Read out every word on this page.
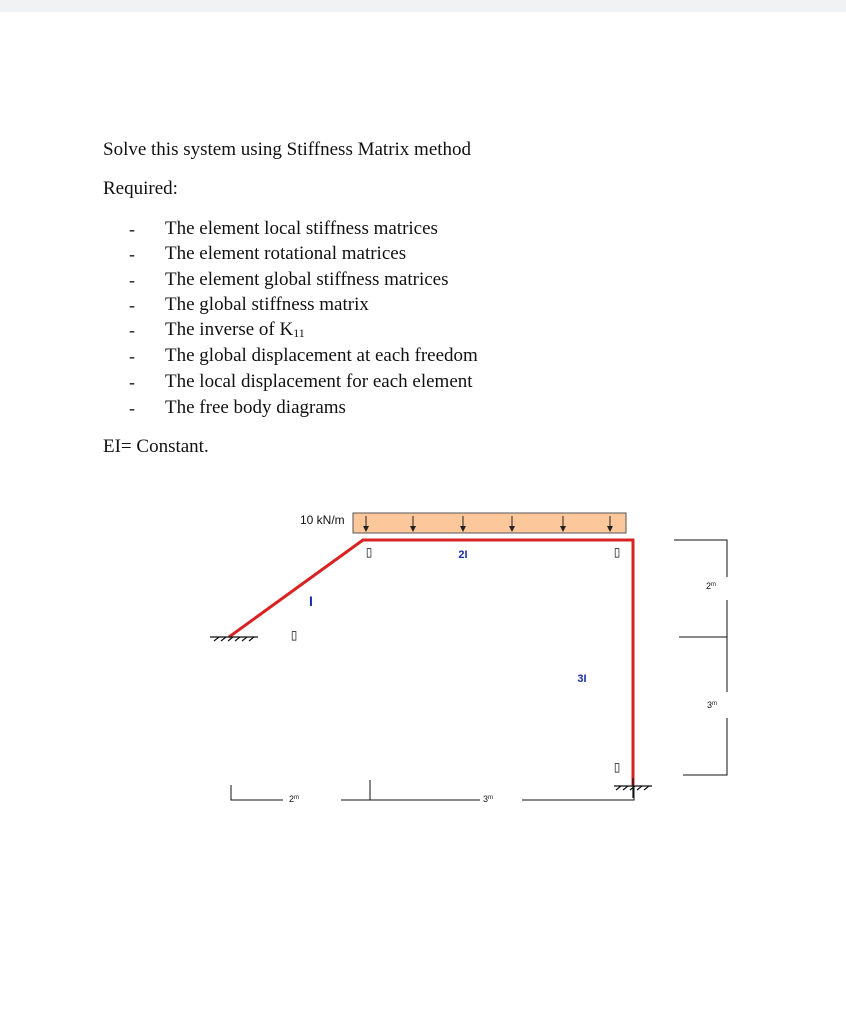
Solve this system using Stiffness Matrix method
Required:
- The element local stiffness matrices
- The element rotational matrices
- The element global stiffness matrices
- The global stiffness matrix
- The inverse of $K_{11}$
- The global displacement at each freedom
- The local displacement for each element
- The free body diagrams
EI= Constant.
10 kN/m
▯
▯	▯
▯
I
2I
3I
2$^m$	3$^m$
2$^m$
3$^m$
